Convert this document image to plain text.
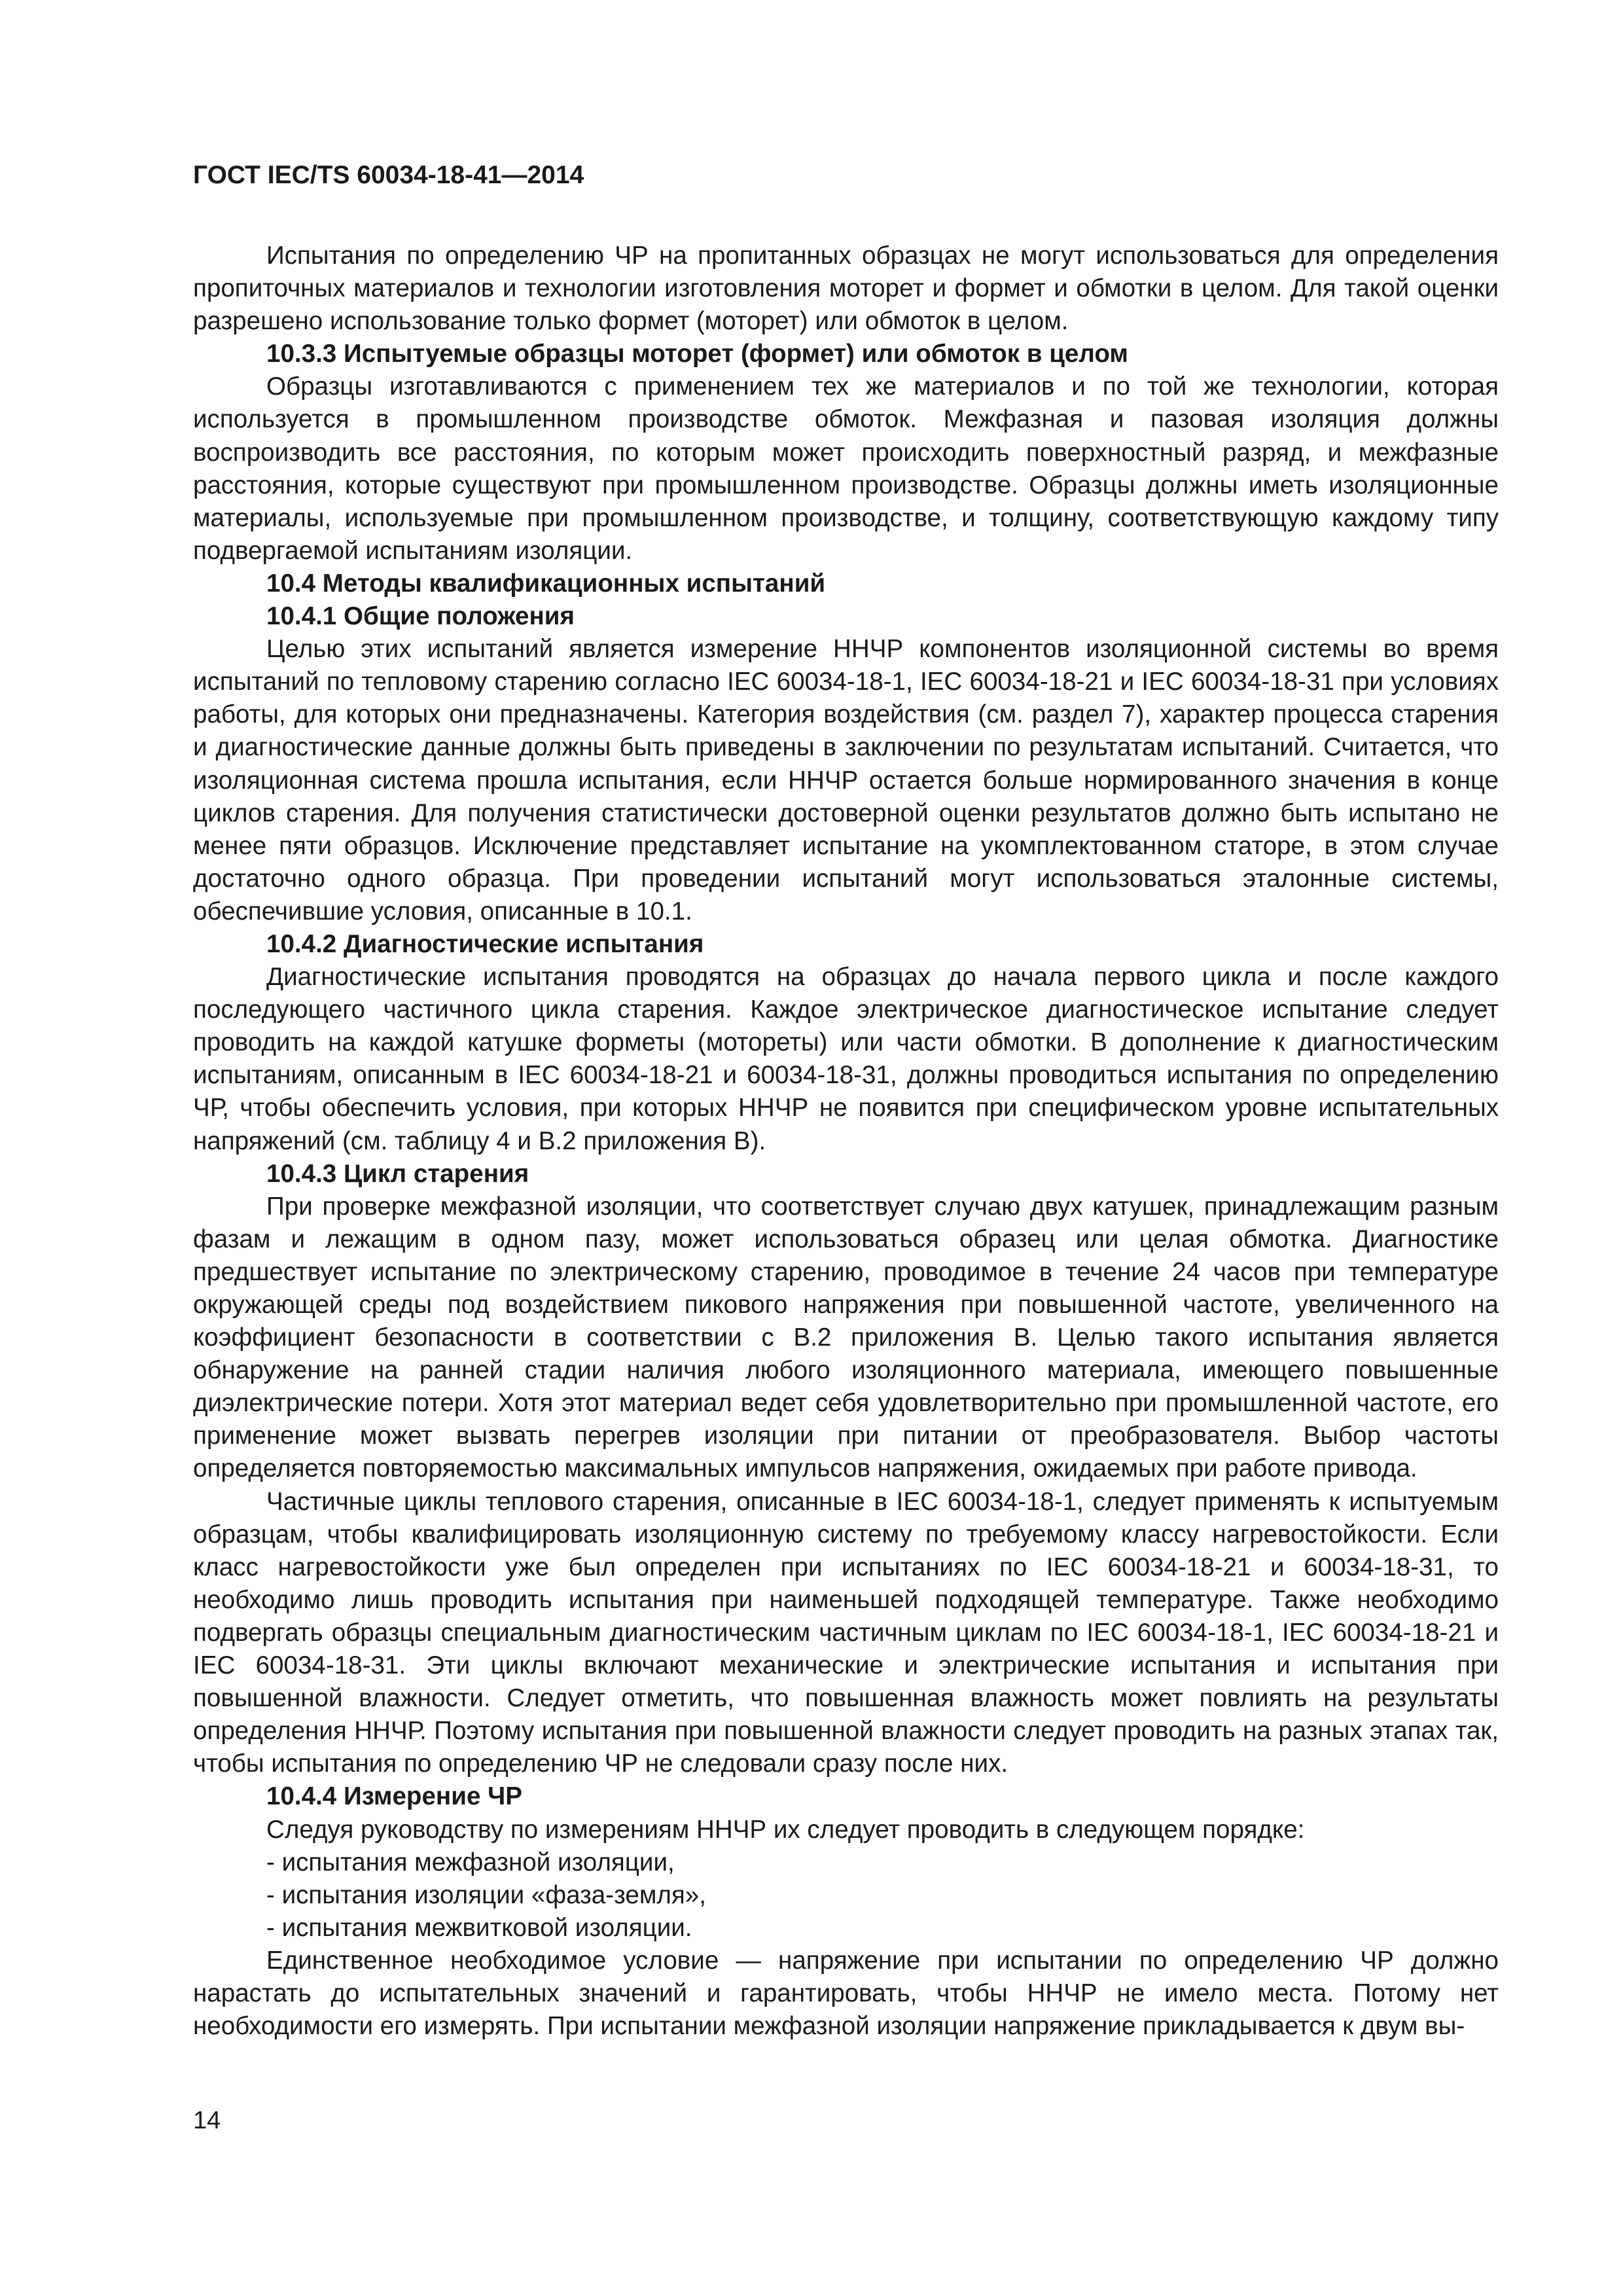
ГОСТ IEC/TS 60034-18-41—2014

Испытания по определению ЧР на пропитанных образцах не могут использоваться для определения пропиточных материалов и технологии изготовления моторет и формет и обмотки в целом. Для такой оценки разрешено использование только формет (моторет) или обмоток в целом.

10.3.3 Испытуемые образцы моторет (формет) или обмоток в целом

Образцы изготавливаются с применением тех же материалов и по той же технологии, которая используется в промышленном производстве обмоток. Межфазная и пазовая изоляция должны воспроизводить все расстояния, по которым может происходить поверхностный разряд, и межфазные расстояния, которые существуют при промышленном производстве. Образцы должны иметь изоляционные материалы, используемые при промышленном производстве, и толщину, соответствующую каждому типу подвергаемой испытаниям изоляции.

10.4 Методы квалификационных испытаний

10.4.1 Общие положения

Целью этих испытаний является измерение ННЧР компонентов изоляционной системы во время испытаний по тепловому старению согласно IEC 60034-18-1, IEC 60034-18-21 и IEC 60034-18-31 при условиях работы, для которых они предназначены. Категория воздействия (см. раздел 7), характер процесса старения и диагностические данные должны быть приведены в заключении по результатам испытаний. Считается, что изоляционная система прошла испытания, если ННЧР остается больше нормированного значения в конце циклов старения. Для получения статистически достоверной оценки результатов должно быть испытано не менее пяти образцов. Исключение представляет испытание на укомплектованном статоре, в этом случае достаточно одного образца. При проведении испытаний могут использоваться эталонные системы, обеспечившие условия, описанные в 10.1.

10.4.2 Диагностические испытания

Диагностические испытания проводятся на образцах до начала первого цикла и после каждого последующего частичного цикла старения. Каждое электрическое диагностическое испытание следует проводить на каждой катушке форметы (мотореты) или части обмотки. В дополнение к диагностическим испытаниям, описанным в IEC 60034-18-21 и 60034-18-31, должны проводиться испытания по определению ЧР, чтобы обеспечить условия, при которых ННЧР не появится при специфическом уровне испытательных напряжений (см. таблицу 4 и B.2 приложения B).

10.4.3 Цикл старения

При проверке межфазной изоляции, что соответствует случаю двух катушек, принадлежащим разным фазам и лежащим в одном пазу, может использоваться образец или целая обмотка. Диагностике предшествует испытание по электрическому старению, проводимое в течение 24 часов при температуре окружающей среды под воздействием пикового напряжения при повышенной частоте, увеличенного на коэффициент безопасности в соответствии с B.2 приложения B. Целью такого испытания является обнаружение на ранней стадии наличия любого изоляционного материала, имеющего повышенные диэлектрические потери. Хотя этот материал ведет себя удовлетворительно при промышленной частоте, его применение может вызвать перегрев изоляции при питании от преобразователя. Выбор частоты определяется повторяемостью максимальных импульсов напряжения, ожидаемых при работе привода.

Частичные циклы теплового старения, описанные в IEC 60034-18-1, следует применять к испытуемым образцам, чтобы квалифицировать изоляционную систему по требуемому классу нагревостойкости. Если класс нагревостойкости уже был определен при испытаниях по IEC 60034-18-21 и 60034-18-31, то необходимо лишь проводить испытания при наименьшей подходящей температуре. Также необходимо подвергать образцы специальным диагностическим частичным циклам по IEC 60034-18-1, IEC 60034-18-21 и IEC 60034-18-31. Эти циклы включают механические и электрические испытания и испытания при повышенной влажности. Следует отметить, что повышенная влажность может повлиять на результаты определения ННЧР. Поэтому испытания при повышенной влажности следует проводить на разных этапах так, чтобы испытания по определению ЧР не следовали сразу после них.

10.4.4 Измерение ЧР

Следуя руководству по измерениям ННЧР их следует проводить в следующем порядке:

- испытания межфазной изоляции,

- испытания изоляции «фаза-земля»,

- испытания межвитковой изоляции.

Единственное необходимое условие — напряжение при испытании по определению ЧР должно нарастать до испытательных значений и гарантировать, чтобы ННЧР не имело места. Потому нет необходимости его измерять. При испытании межфазной изоляции напряжение прикладывается к двум вы-

14
